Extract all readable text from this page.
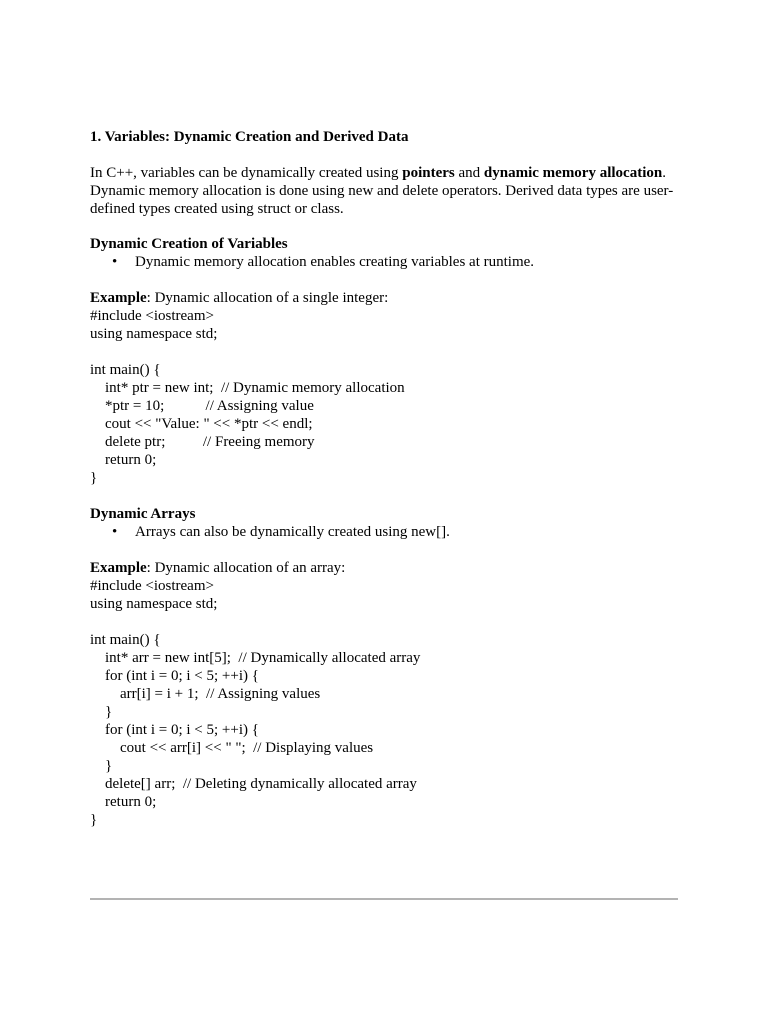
1. Variables: Dynamic Creation and Derived Data

In C++, variables can be dynamically created using pointers and dynamic memory allocation. Dynamic memory allocation is done using new and delete operators. Derived data types are user-defined types created using struct or class.

Dynamic Creation of Variables
• Dynamic memory allocation enables creating variables at runtime.

Example: Dynamic allocation of a single integer:

#include <iostream>
using namespace std;
int main() {
int* ptr = new int;  // Dynamic memory allocation
*ptr = 10;           // Assigning value
cout << "Value: " << *ptr << endl;
delete ptr;          // Freeing memory
return 0;
}
Dynamic Arrays
• Arrays can also be dynamically created using new[].

Example: Dynamic allocation of an array:

#include <iostream>
using namespace std;
int main() {
int* arr = new int[5];  // Dynamically allocated array
for (int i = 0; i < 5; ++i) {
arr[i] = i + 1;  // Assigning values
}
for (int i = 0; i < 5; ++i) {
cout << arr[i] << " ";  // Displaying values
}
delete[] arr;  // Deleting dynamically allocated array
return 0;
}
